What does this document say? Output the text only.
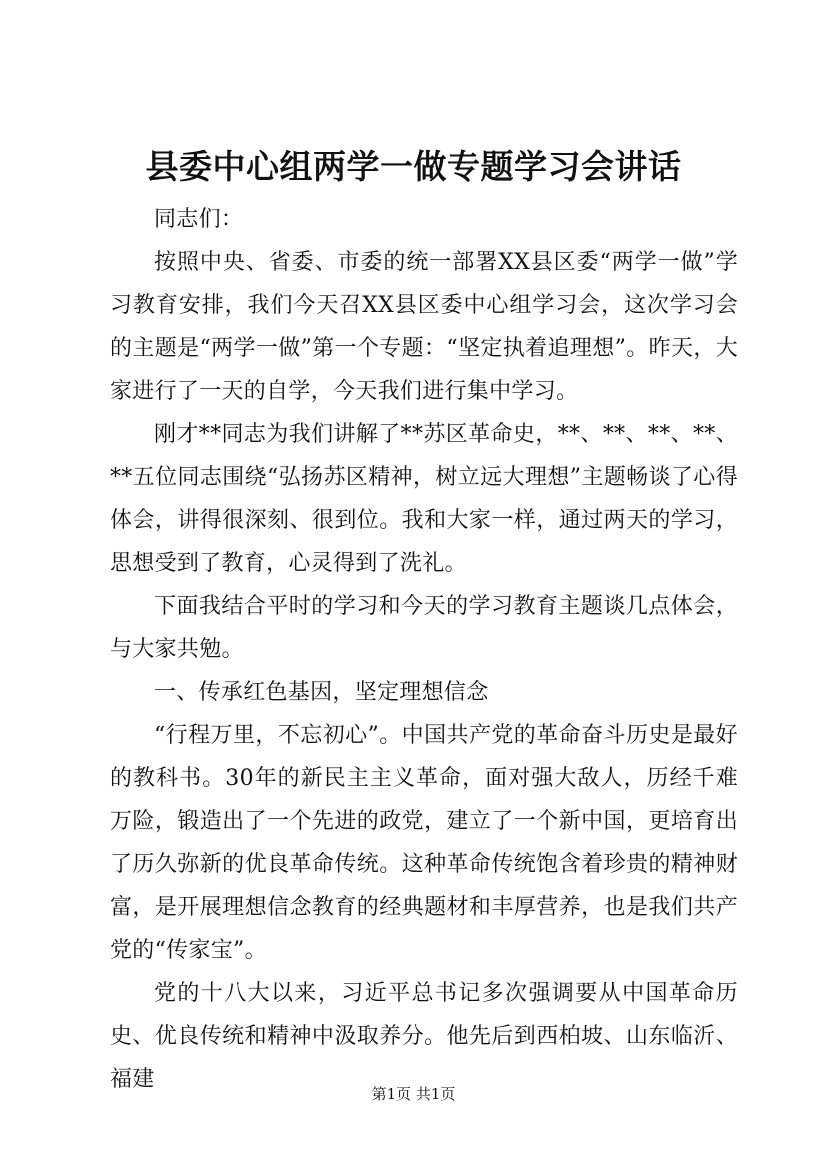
县委中心组两学一做专题学习会讲话

同志们：

按照中央、省委、市委的统一部署XX县区委“两学一做”学习教育安排，我们今天召XX县区委中心组学习会，这次学习会的主题是“两学一做”第一个专题：“坚定执着追理想”。昨天，大家进行了一天的自学，今天我们进行集中学习。

刚才**同志为我们讲解了**苏区革命史，**、**、**、**、**五位同志围绕“弘扬苏区精神，树立远大理想”主题畅谈了心得体会，讲得很深刻、很到位。我和大家一样，通过两天的学习，思想受到了教育，心灵得到了洗礼。

下面我结合平时的学习和今天的学习教育主题谈几点体会，与大家共勉。

一、传承红色基因，坚定理想信念

“行程万里，不忘初心”。中国共产党的革命奋斗历史是最好的教科书。30年的新民主主义革命，面对强大敌人，历经千难万险，锻造出了一个先进的政党，建立了一个新中国，更培育出了历久弥新的优良革命传统。这种革命传统饱含着珍贵的精神财富，是开展理想信念教育的经典题材和丰厚营养，也是我们共产党的“传家宝”。

党的十八大以来，习近平总书记多次强调要从中国革命历史、优良传统和精神中汲取养分。他先后到西柏坡、山东临沂、福建

第1页 共1页
